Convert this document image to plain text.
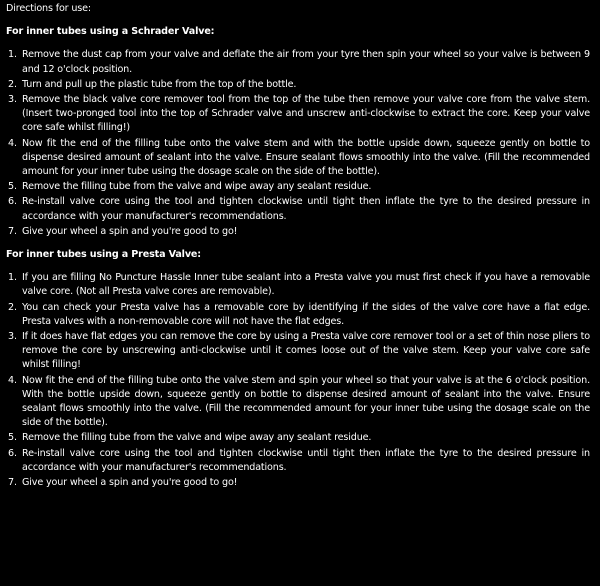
Directions for use:
For inner tubes using a Schrader Valve:
1. Remove the dust cap from your valve and deflate the air from your tyre then spin your wheel so your valve is between 9 and 12 o'clock position.
2. Turn and pull up the plastic tube from the top of the bottle.
3. Remove the black valve core remover tool from the top of the tube then remove your valve core from the valve stem. (Insert two-pronged tool into the top of Schrader valve and unscrew anti-clockwise to extract the core. Keep your valve core safe whilst filling!)
4. Now fit the end of the filling tube onto the valve stem and with the bottle upside down, squeeze gently on bottle to dispense desired amount of sealant into the valve. Ensure sealant flows smoothly into the valve. (Fill the recommended amount for your inner tube using the dosage scale on the side of the bottle).
5. Remove the filling tube from the valve and wipe away any sealant residue.
6. Re-install valve core using the tool and tighten clockwise until tight then inflate the tyre to the desired pressure in accordance with your manufacturer's recommendations.
7. Give your wheel a spin and you're good to go!
For inner tubes using a Presta Valve:
1. If you are filling No Puncture Hassle Inner tube sealant into a Presta valve you must first check if you have a removable valve core. (Not all Presta valve cores are removable).
2. You can check your Presta valve has a removable core by identifying if the sides of the valve core have a flat edge. Presta valves with a non-removable core will not have the flat edges.
3. If it does have flat edges you can remove the core by using a Presta valve core remover tool or a set of thin nose pliers to remove the core by unscrewing anti-clockwise until it comes loose out of the valve stem. Keep your valve core safe whilst filling!
4. Now fit the end of the filling tube onto the valve stem and spin your wheel so that your valve is at the 6 o'clock position. With the bottle upside down, squeeze gently on bottle to dispense desired amount of sealant into the valve. Ensure sealant flows smoothly into the valve. (Fill the recommended amount for your inner tube using the dosage scale on the side of the bottle).
5. Remove the filling tube from the valve and wipe away any sealant residue.
6. Re-install valve core using the tool and tighten clockwise until tight then inflate the tyre to the desired pressure in accordance with your manufacturer's recommendations.
7. Give your wheel a spin and you're good to go!
